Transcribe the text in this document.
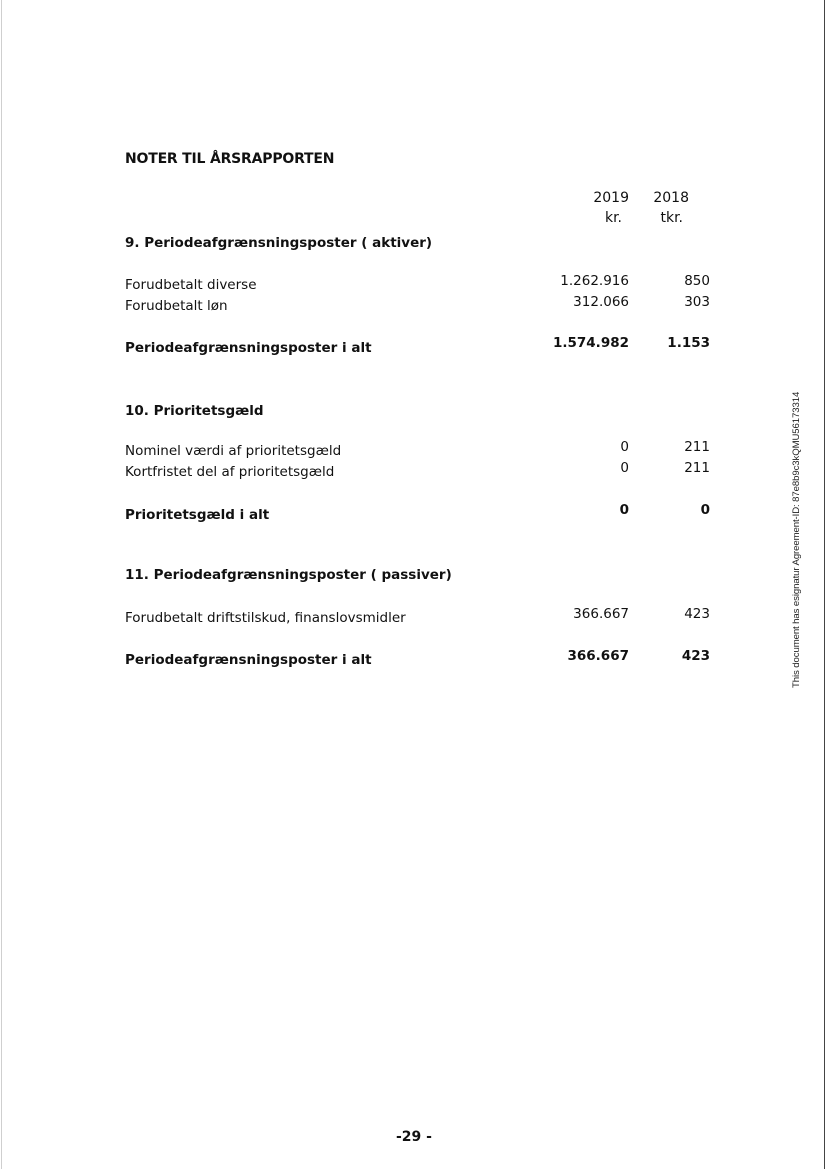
NOTER TIL ÅRSRAPPORTEN
2019
kr.
2018
tkr.
9. Periodeafgrænsningsposter ( aktiver)
Forudbetalt diverse	1.262.916	850
Forudbetalt løn	312.066	303
Periodeafgrænsningsposter i alt	1.574.982	1.153
10. Prioritetsgæld
Nominel værdi af prioritetsgæld	0	211
Kortfristet del af prioritetsgæld	0	211
Prioritetsgæld i alt	0	0
11. Periodeafgrænsningsposter ( passiver)
Forudbetalt driftstilskud, finanslovsmidler	366.667	423
Periodeafgrænsningsposter i alt	366.667	423	This document has esignatur Agreement-ID: 87e8b9c3kQMU56173314
-29 -
